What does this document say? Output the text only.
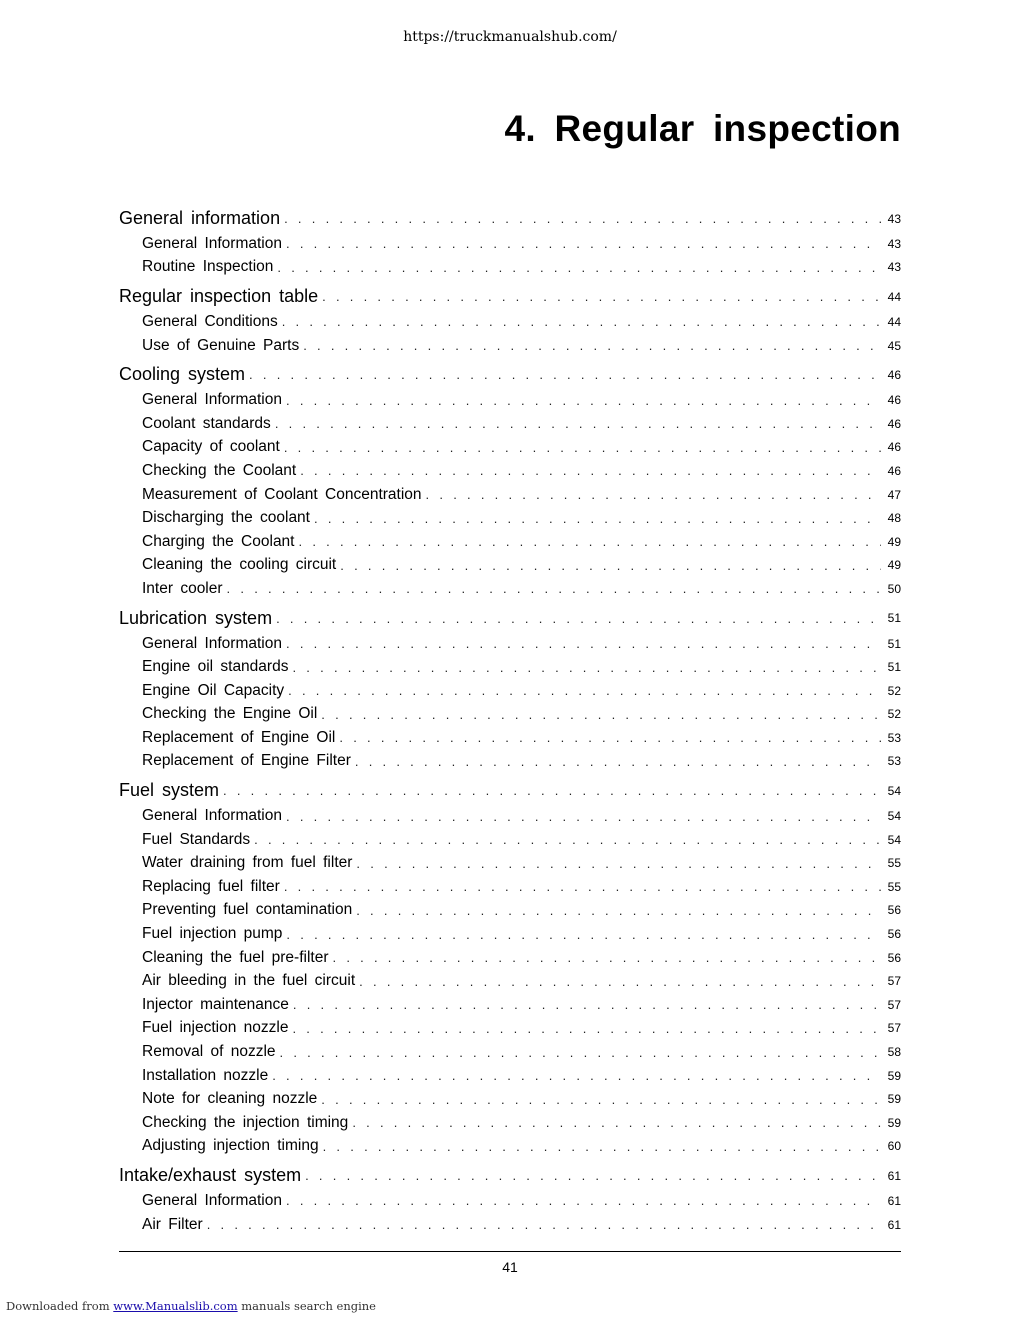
https://truckmanualshub.com/
4. Regular inspection
General information . . .	43
General Information . . .	43
Routine Inspection . . .	43
Regular inspection table . . .	44
General Conditions . . .	44
Use of Genuine Parts . . .	45
Cooling system . . .	46
General Information . . .	46
Coolant standards . . .	46
Capacity of coolant . . .	46
Checking the Coolant . . .	46
Measurement of Coolant Concentration . . .	47
Discharging the coolant . . .	48
Charging the Coolant . . .	49
Cleaning the cooling circuit . . .	49
Inter cooler . . .	50
Lubrication system . . .	51
General Information . . .	51
Engine oil standards . . .	51
Engine Oil Capacity . . .	52
Checking the Engine Oil . . .	52
Replacement of Engine Oil . . .	53
Replacement of Engine Filter . . .	53
Fuel system . . .	54
General Information . . .	54
Fuel Standards . . .	54
Water draining from fuel filter . . .	55
Replacing fuel filter . . .	55
Preventing fuel contamination . . .	56
Fuel injection pump . . .	56
Cleaning the fuel pre-filter . . .	56
Air bleeding in the fuel circuit . . .	57
Injector maintenance . . .	57
Fuel injection nozzle . . .	57
Removal of nozzle . . .	58
Installation nozzle . . .	59
Note for cleaning nozzle . . .	59
Checking the injection timing . . .	59
Adjusting injection timing . . .	60
Intake/exhaust system . . .	61
General Information . . .	61
Air Filter . . .	61
41
Downloaded from www.Manualslib.com manuals search engine
